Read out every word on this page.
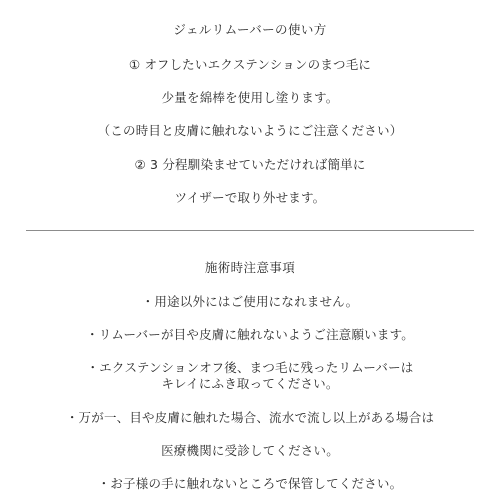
ジェルリムーバーの使い方
① オフしたいエクステンションのまつ毛に
少量を綿棒を使用し塗ります。
（この時目と皮膚に触れないようにご注意ください）
② 3 分程馴染ませていただければ簡単に
ツイザーで取り外せます。
施術時注意事項
・用途以外にはご使用になれません。
・リムーバーが目や皮膚に触れないようご注意願います。
・エクステンションオフ後、まつ毛に残ったリムーバーは
キレイにふき取ってください。
・万が一、目や皮膚に触れた場合、流水で流し以上がある場合は
医療機関に受診してください。
・お子様の手に触れないところで保管してください。
